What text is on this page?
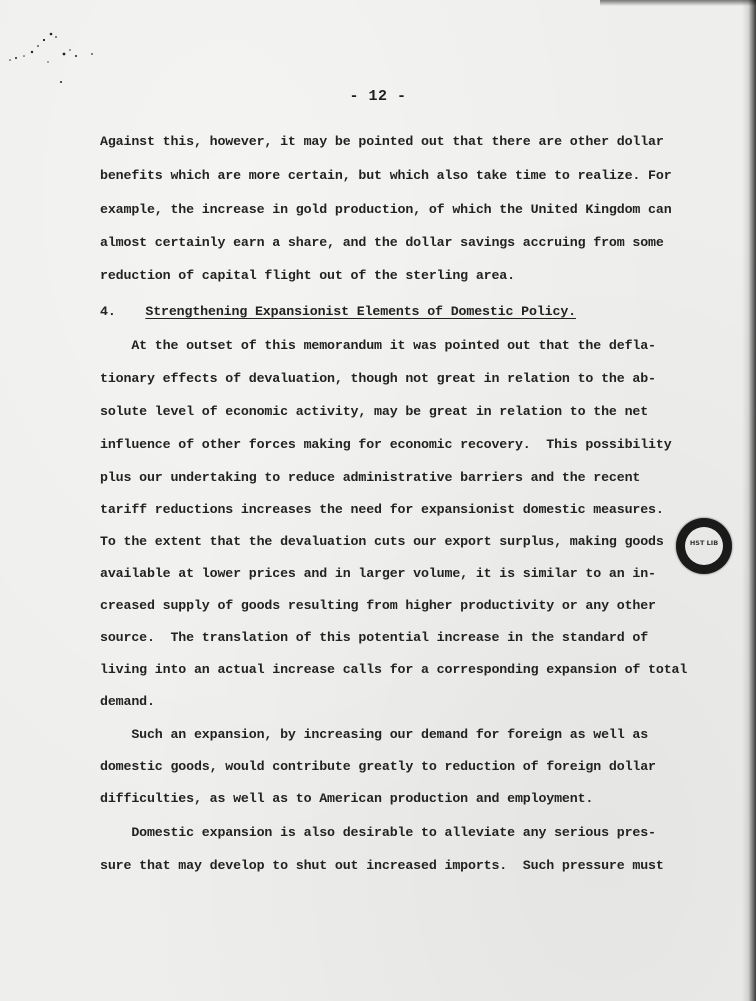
- 12 -
Against this, however, it may be pointed out that there are other dollar
benefits which are more certain, but which also take time to realize. For
example, the increase in gold production, of which the United Kingdom can
almost certainly earn a share, and the dollar savings accruing from some
reduction of capital flight out of the sterling area.
4. Strengthening Expansionist Elements of Domestic Policy.
At the outset of this memorandum it was pointed out that the defla-
tionary effects of devaluation, though not great in relation to the ab-
solute level of economic activity, may be great in relation to the net
influence of other forces making for economic recovery.  This possibility
plus our undertaking to reduce administrative barriers and the recent
tariff reductions increases the need for expansionist domestic measures.
To the extent that the devaluation cuts our export surplus, making goods
available at lower prices and in larger volume, it is similar to an in-
creased supply of goods resulting from higher productivity or any other
source.  The translation of this potential increase in the standard of
living into an actual increase calls for a corresponding expansion of total
demand.
Such an expansion, by increasing our demand for foreign as well as
domestic goods, would contribute greatly to reduction of foreign dollar
difficulties, as well as to American production and employment.
Domestic expansion is also desirable to alleviate any serious pres-
sure that may develop to shut out increased imports.  Such pressure must
HST LIB
